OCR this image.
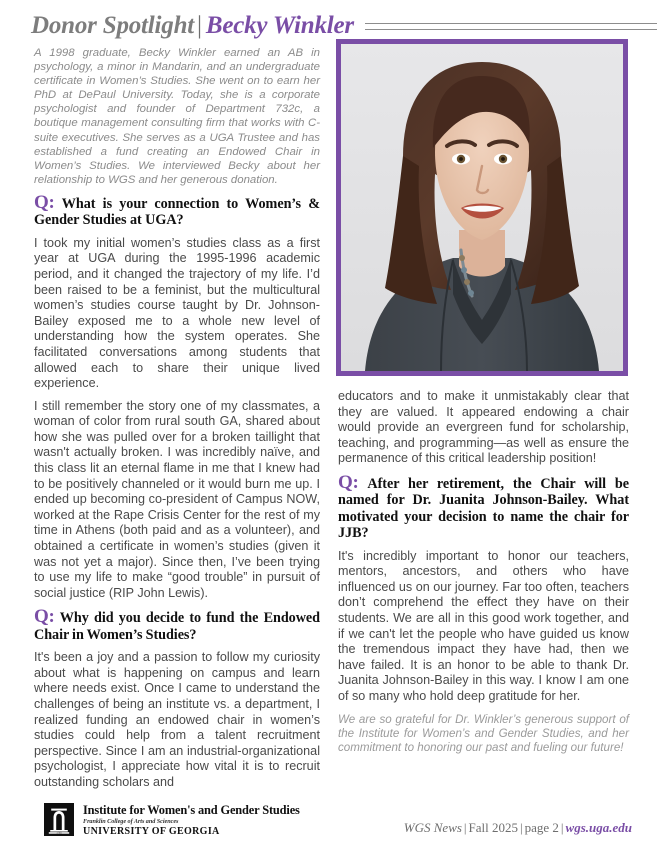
Donor Spotlight | Becky Winkler

A 1998 graduate, Becky Winkler earned an AB in psychology, a minor in Mandarin, and an undergraduate certificate in Women’s Studies. She went on to earn her PhD at DePaul University. Today, she is a corporate psychologist and founder of Department 732c, a boutique management consulting firm that works with C-suite executives. She serves as a UGA Trustee and has established a fund creating an Endowed Chair in Women’s Studies. We interviewed Becky about her relationship to WGS and her generous donation.

Q: What is your connection to Women’s & Gender Studies at UGA?

I took my initial women’s studies class as a first year at UGA during the 1995-1996 academic period, and it changed the trajectory of my life. I’d been raised to be a feminist, but the multicultural women’s studies course taught by Dr. Johnson-Bailey exposed me to a whole new level of understanding how the system operates. She facilitated conversations among students that allowed each to share their unique lived experience.

I still remember the story one of my classmates, a woman of color from rural south GA, shared about how she was pulled over for a broken taillight that wasn't actually broken. I was incredibly naïve, and this class lit an eternal flame in me that I knew had to be positively channeled or it would burn me up. I ended up becoming co-president of Campus NOW, worked at the Rape Crisis Center for the rest of my time in Athens (both paid and as a volunteer), and obtained a certificate in women’s studies (given it was not yet a major). Since then, I’ve been trying to use my life to make “good trouble” in pursuit of social justice (RIP John Lewis).

Q: Why did you decide to fund the Endowed Chair in Women’s Studies?

It's been a joy and a passion to follow my curiosity about what is happening on campus and learn where needs exist. Once I came to understand the challenges of being an institute vs. a department, I realized funding an endowed chair in women’s studies could help from a talent recruitment perspective. Since I am an industrial-organizational psychologist, I appreciate how vital it is to recruit outstanding scholars and

educators and to make it unmistakably clear that they are valued. It appeared endowing a chair would provide an evergreen fund for scholarship, teaching, and programming—as well as ensure the permanence of this critical leadership position!

Q: After her retirement, the Chair will be named for Dr. Juanita Johnson-Bailey. What motivated your decision to name the chair for JJB?

It's incredibly important to honor our teachers, mentors, ancestors, and others who have influenced us on our journey. Far too often, teachers don’t comprehend the effect they have on their students. We are all in this good work together, and if we can't let the people who have guided us know the tremendous impact they have had, then we have failed. It is an honor to be able to thank Dr. Juanita Johnson-Bailey in this way. I know I am one of so many who hold deep gratitude for her.

We are so grateful for Dr. Winkler’s generous support of the Institute for Women’s and Gender Studies, and her commitment to honoring our past and fueling our future!

1785
Institute for Women's and Gender Studies
Franklin College of Arts and Sciences
UNIVERSITY OF GEORGIA	WGS News | Fall 2025 | page 2 | wgs.uga.edu
